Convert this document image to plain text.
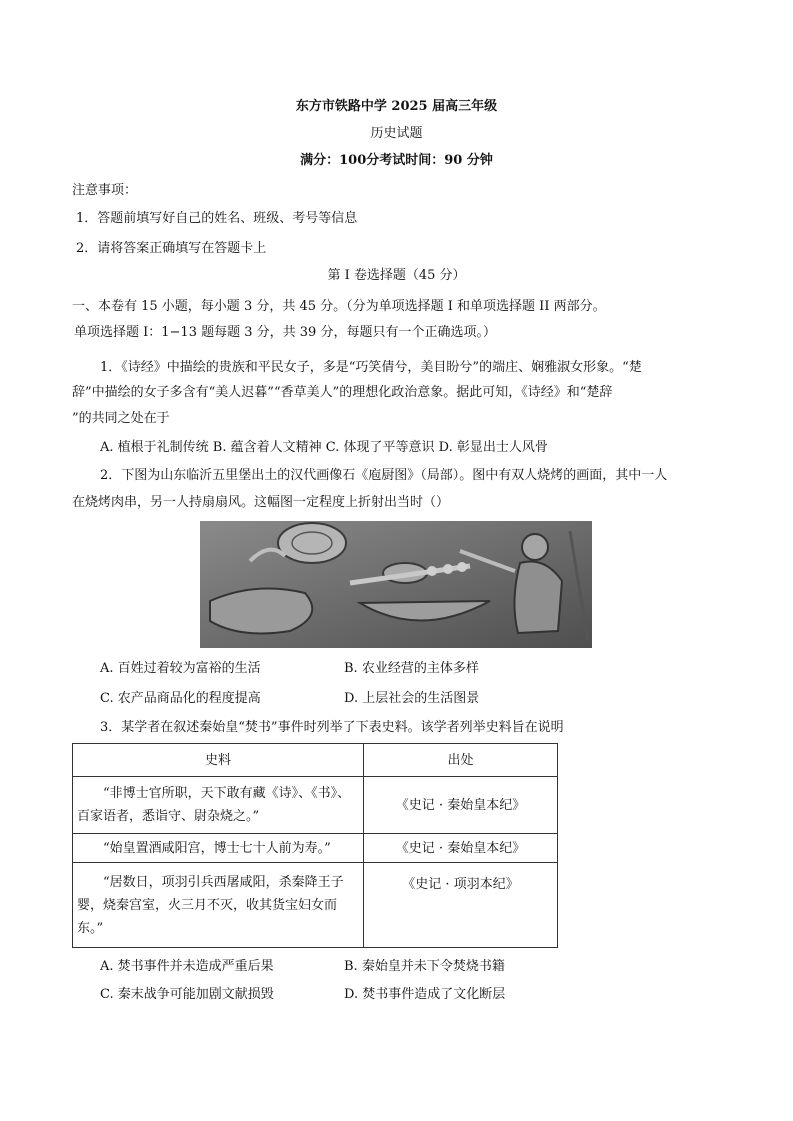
东方市铁路中学 2025 届高三年级
历史试题
满分：100分考试时间：90 分钟
注意事项：
1．答题前填写好自己的姓名、班级、考号等信息
2．请将答案正确填写在答题卡上
第 I 卷选择题（45 分）
一、本卷有 15 小题，每小题 3 分，共 45 分。（分为单项选择题 I 和单项选择题 II 两部分。
单项选择题 I：1−13 题每题 3 分，共 39 分，每题只有一个正确选项。）
1．《诗经》中描绘的贵族和平民女子，多是“巧笑倩兮，美目盼兮”的端庄、娴雅淑女形象。“楚
辞”中描绘的女子多含有“美人迟暮”“香草美人”的理想化政治意象。据此可知，《诗经》和“楚辞
”的共同之处在于
A. 植根于礼制传统 B. 蕴含着人文精神 C. 体现了平等意识 D. 彰显出士人风骨
2．下图为山东临沂五里堡出土的汉代画像石《庖厨图》（局部）。图中有双人烧烤的画面，其中一人
在烧烤肉串，另一人持扇扇风。这幅图一定程度上折射出当时（）
A. 百姓过着较为富裕的生活	B. 农业经营的主体多样
C. 农产品商品化的程度提高	D. 上层社会的生活图景
3．某学者在叙述秦始皇“焚书”事件时列举了下表史料。该学者列举史料旨在说明
史料	出处
“非博士官所职，天下敢有藏《诗》、《书》、百家语者，悉诣守、尉杂烧之。”	《史记 · 秦始皇本纪》
“始皇置酒咸阳宫，博士七十人前为寿。”	《史记 · 秦始皇本纪》
“居数日，项羽引兵西屠咸阳，杀秦降王子婴，烧秦宫室，火三月不灭，收其货宝妇女而东。”	《史记 · 项羽本纪》
A. 焚书事件并未造成严重后果	B. 秦始皇并未下令焚烧书籍
C. 秦末战争可能加剧文献损毁	D. 焚书事件造成了文化断层
